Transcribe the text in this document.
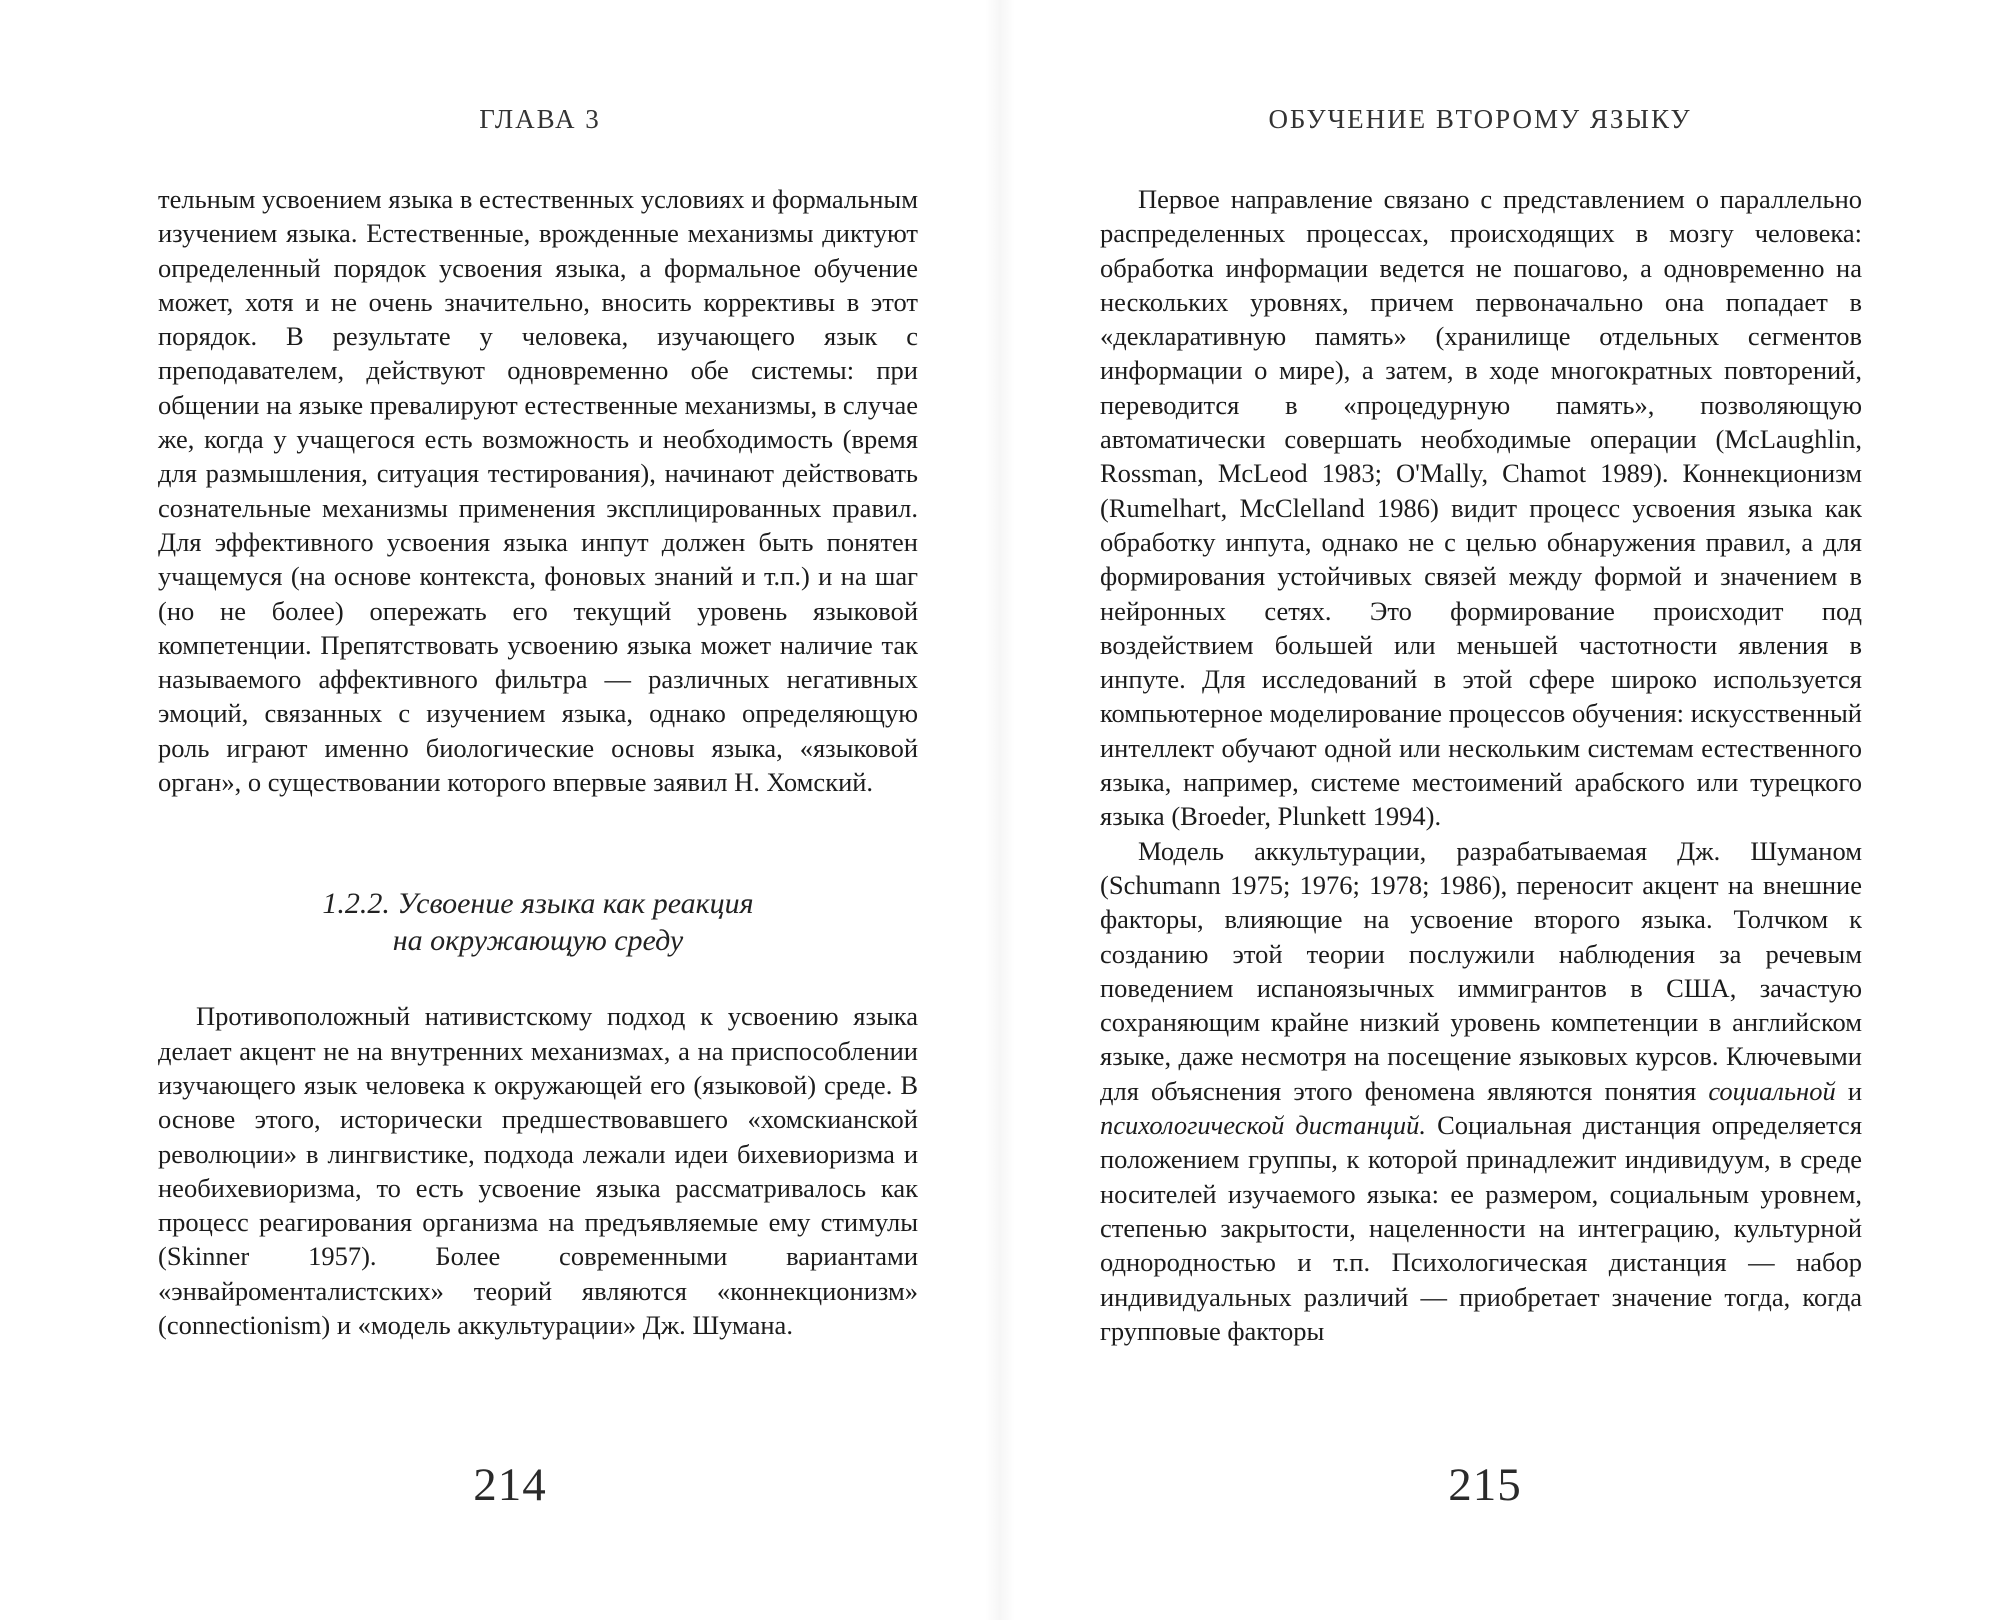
ГЛАВА 3

тельным усвоением языка в естественных условиях и формальным изучением языка. Естественные, врожденные механизмы диктуют определенный порядок усвоения языка, а формальное обучение может, хотя и не очень значительно, вносить коррективы в этот порядок. В результате у человека, изучающего язык с преподавателем, действуют одновременно обе системы: при общении на языке превалируют естественные механизмы, в случае же, когда у учащегося есть возможность и необходимость (время для размышления, ситуация тестирования), начинают действовать сознательные механизмы применения эксплицированных правил. Для эффективного усвоения языка инпут должен быть понятен учащемуся (на основе контекста, фоновых знаний и т.п.) и на шаг (но не более) опережать его текущий уровень языковой компетенции. Препятствовать усвоению языка может наличие так называемого аффективного фильтра — различных негативных эмоций, связанных с изучением языка, однако определяющую роль играют именно биологические основы языка, «языковой орган», о существовании которого впервые заявил Н. Хомский.

1.2.2. Усвоение языка как реакция
на окружающую среду

Противоположный нативистскому подход к усвоению языка делает акцент не на внутренних механизмах, а на приспособлении изучающего язык человека к окружающей его (языковой) среде. В основе этого, исторически предшествовавшего «хомскианской революции» в лингвистике, подхода лежали идеи бихевиоризма и необихевиоризма, то есть усвоение языка рассматривалось как процесс реагирования организма на предъявляемые ему стимулы (Skinner 1957). Более современными вариантами «энвайроменталистских» теорий являются «коннекционизм» (connectionism) и «модель аккультурации» Дж. Шумана.

214
ОБУЧЕНИЕ ВТОРОМУ ЯЗЫКУ

Первое направление связано с представлением о параллельно распределенных процессах, происходящих в мозгу человека: обработка информации ведется не пошагово, а одновременно на нескольких уровнях, причем первоначально она попадает в «декларативную память» (хранилище отдельных сегментов информации о мире), а затем, в ходе многократных повторений, переводится в «процедурную память», позволяющую автоматически совершать необходимые операции (McLaughlin, Rossman, McLeod 1983; O'Mally, Chamot 1989). Коннекционизм (Rumelhart, McClelland 1986) видит процесс усвоения языка как обработку инпута, однако не с целью обнаружения правил, а для формирования устойчивых связей между формой и значением в нейронных сетях. Это формирование происходит под воздействием большей или меньшей частотности явления в инпуте. Для исследований в этой сфере широко используется компьютерное моделирование процессов обучения: искусственный интеллект обучают одной или нескольким системам естественного языка, например, системе местоимений арабского или турецкого языка (Broeder, Plunkett 1994).

Модель аккультурации, разрабатываемая Дж. Шуманом (Schumann 1975; 1976; 1978; 1986), переносит акцент на внешние факторы, влияющие на усвоение второго языка. Толчком к созданию этой теории послужили наблюдения за речевым поведением испаноязычных иммигрантов в США, зачастую сохраняющим крайне низкий уровень компетенции в английском языке, даже несмотря на посещение языковых курсов. Ключевыми для объяснения этого феномена являются понятия социальной и психологической дистанций. Социальная дистанция определяется положением группы, к которой принадлежит индивидуум, в среде носителей изучаемого языка: ее размером, социальным уровнем, степенью закрытости, нацеленности на интеграцию, культурной однородностью и т.п. Психологическая дистанция — набор индивидуальных различий — приобретает значение тогда, когда групповые факторы

215
